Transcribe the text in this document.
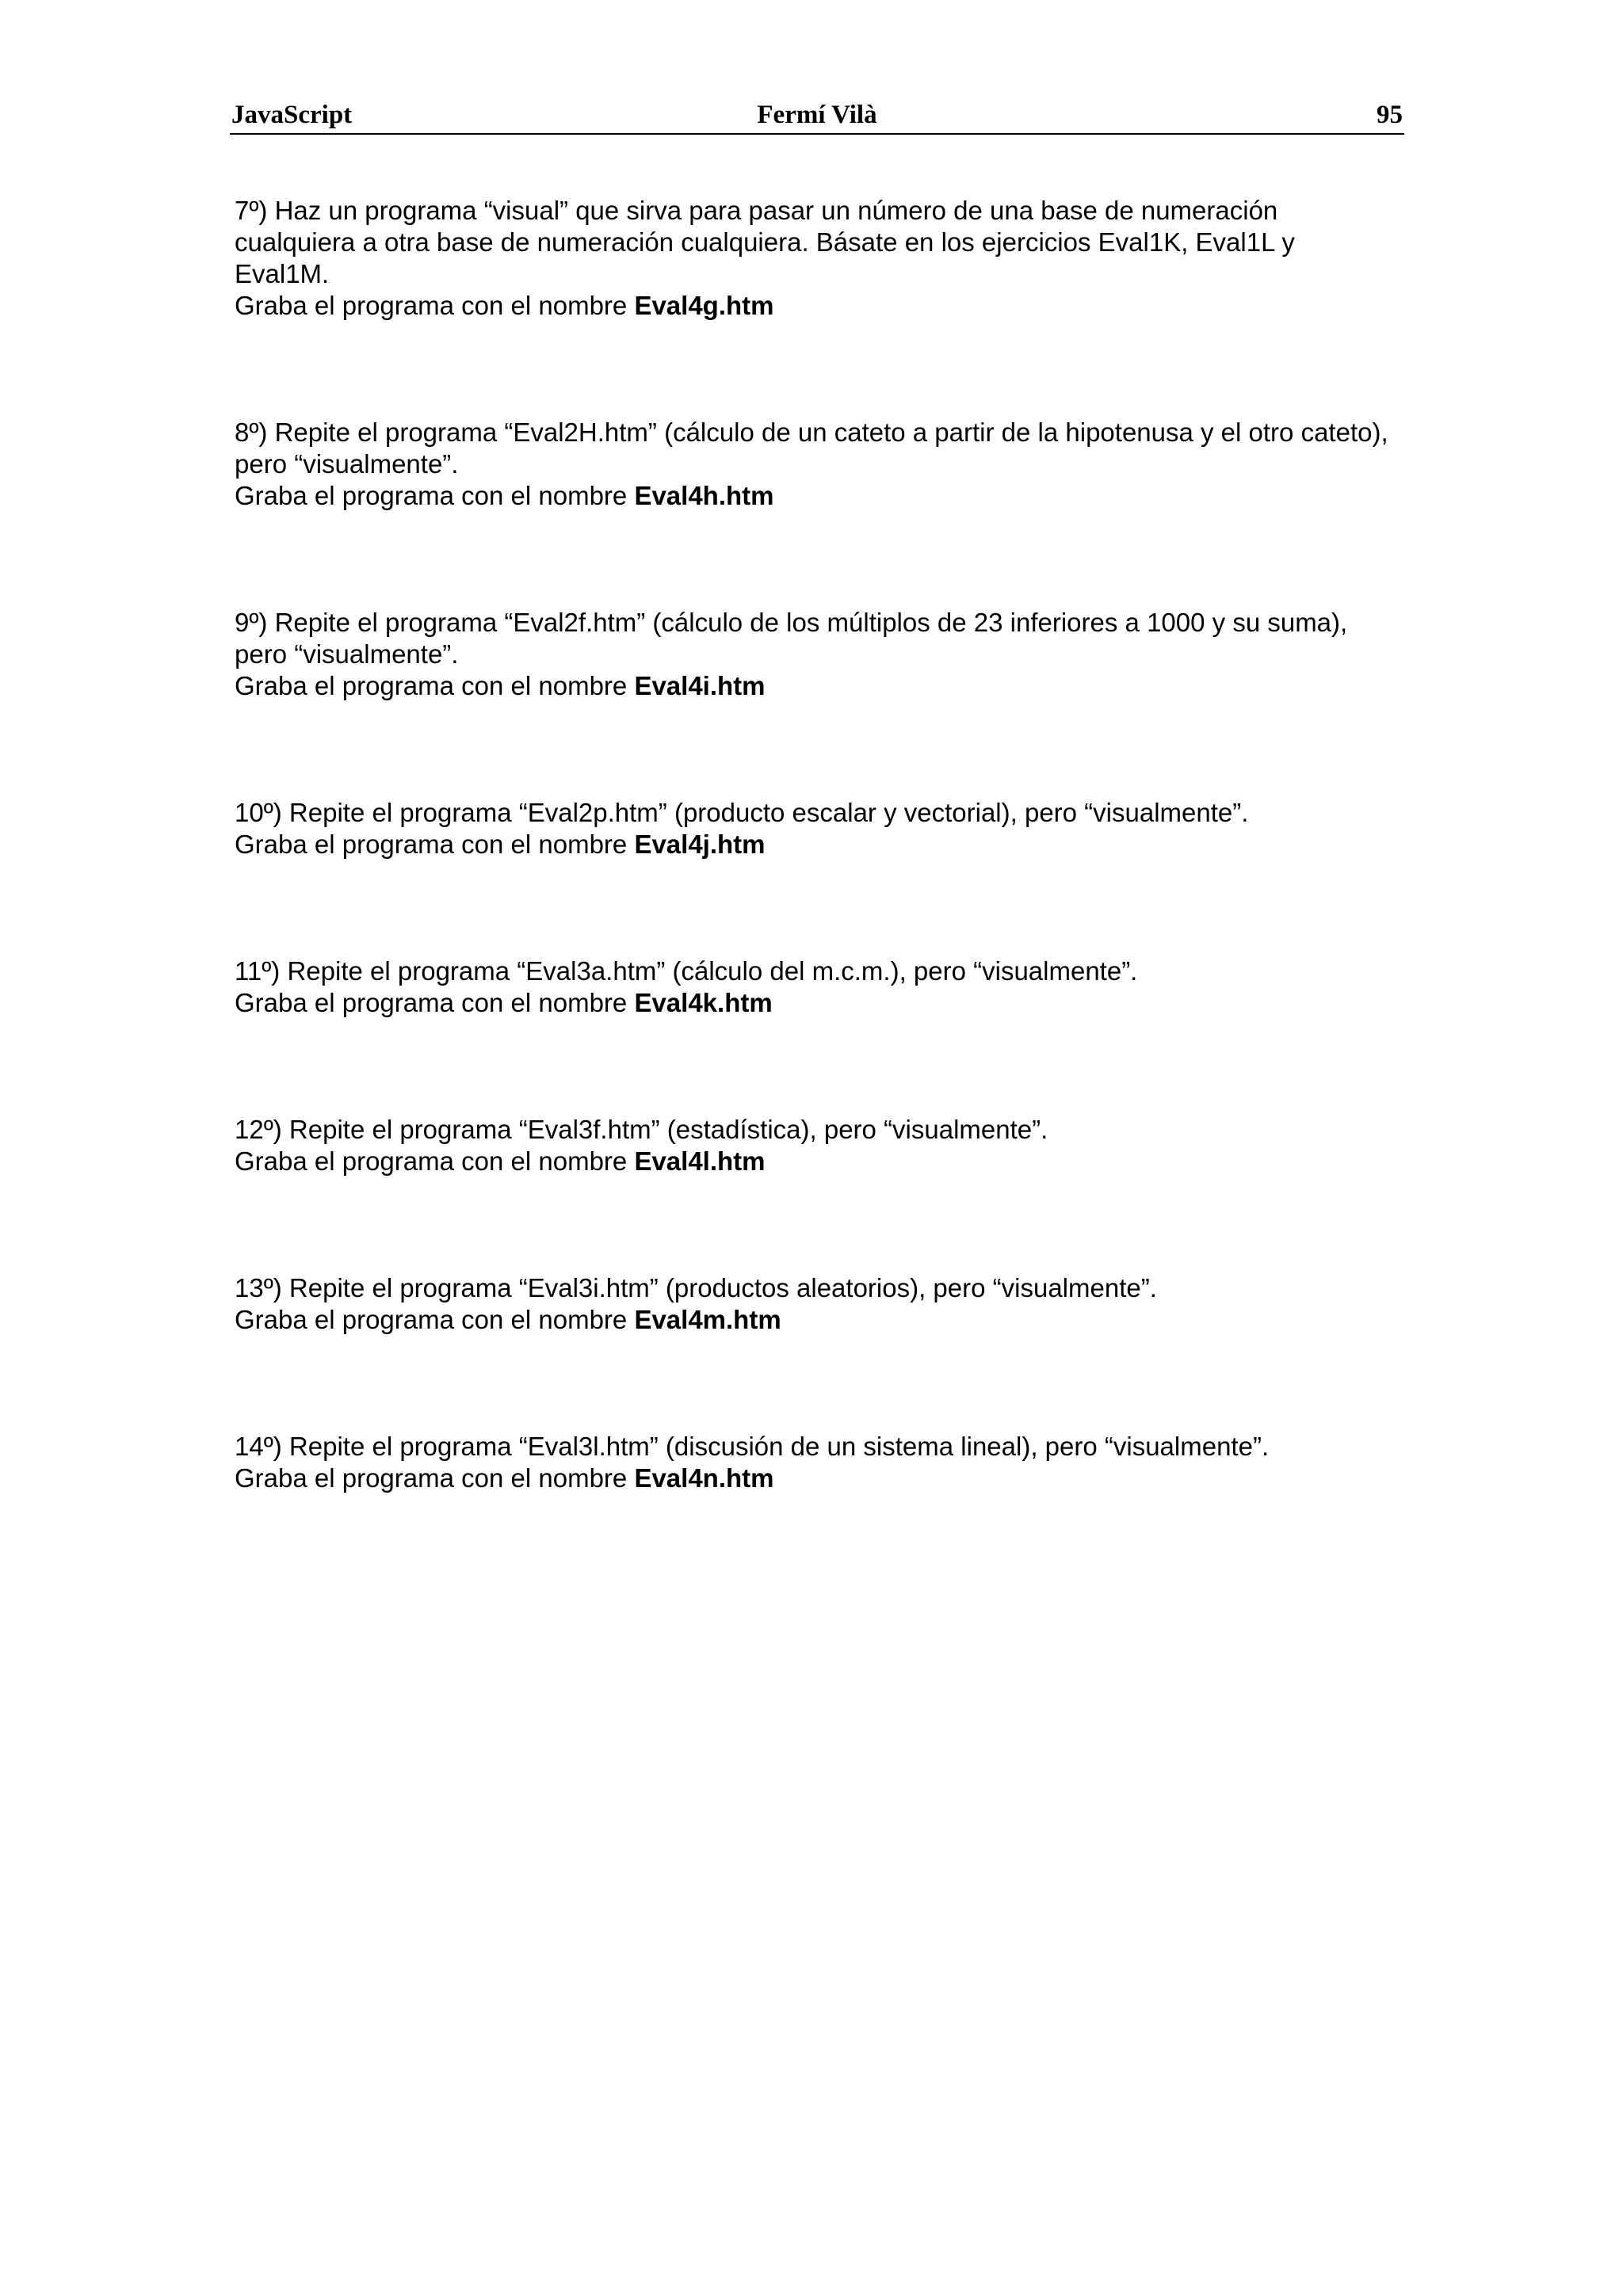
JavaScript	Fermí Vilà	95

7º) Haz un programa “visual” que sirva para pasar un número de una base de numeración cualquiera a otra base de numeración cualquiera. Básate en los ejercicios Eval1K, Eval1L y Eval1M.

Graba el programa con el nombre Eval4g.htm

8º) Repite el programa “Eval2H.htm” (cálculo de un cateto a partir de la hipotenusa y el otro cateto), pero “visualmente”.

Graba el programa con el nombre Eval4h.htm

9º) Repite el programa “Eval2f.htm” (cálculo de los múltiplos de 23 inferiores a 1000 y su suma), pero “visualmente”.

Graba el programa con el nombre Eval4i.htm

10º) Repite el programa “Eval2p.htm” (producto escalar y vectorial), pero “visualmente”.

Graba el programa con el nombre Eval4j.htm

11º) Repite el programa “Eval3a.htm” (cálculo del m.c.m.), pero “visualmente”.

Graba el programa con el nombre Eval4k.htm

12º) Repite el programa “Eval3f.htm” (estadística), pero “visualmente”.

Graba el programa con el nombre Eval4l.htm

13º) Repite el programa “Eval3i.htm” (productos aleatorios), pero “visualmente”.

Graba el programa con el nombre Eval4m.htm

14º) Repite el programa “Eval3l.htm” (discusión de un sistema lineal), pero “visualmente”.

Graba el programa con el nombre Eval4n.htm
